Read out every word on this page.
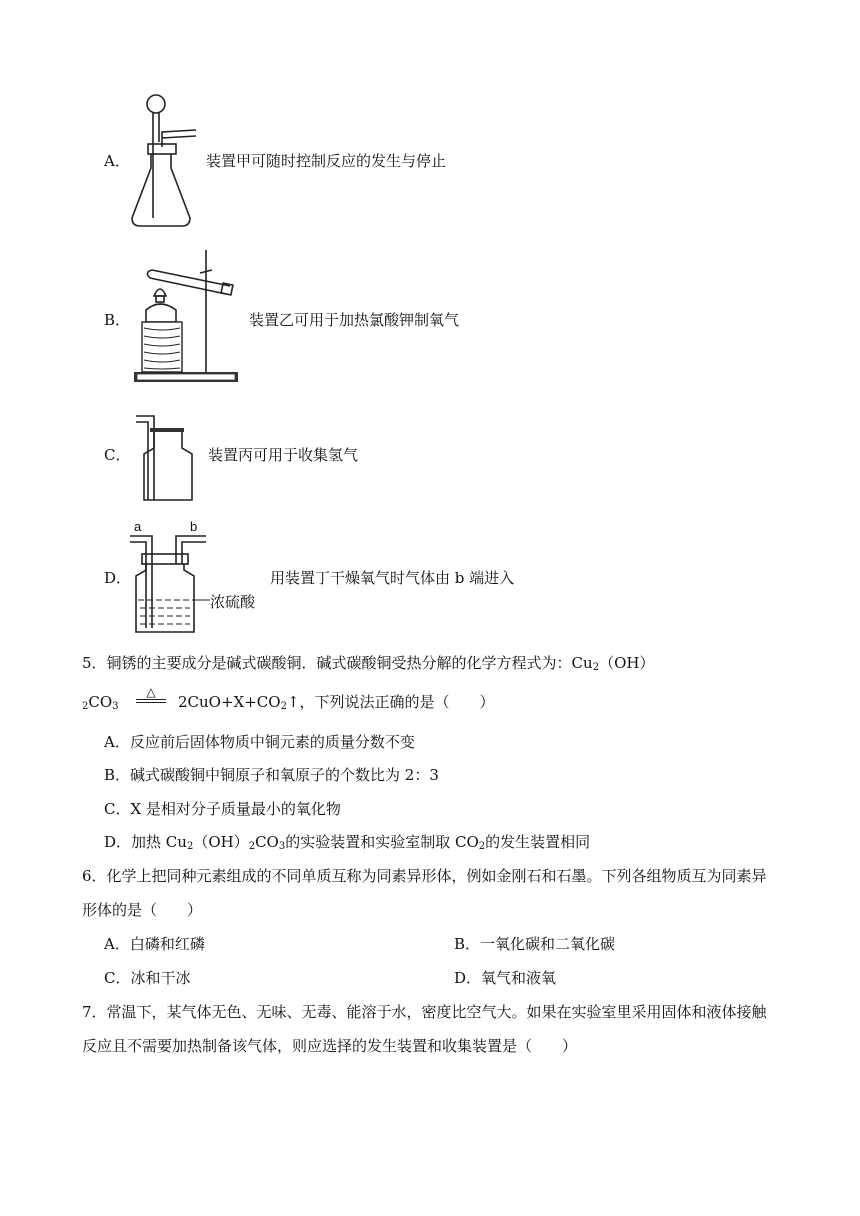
A．	装置甲可随时控制反应的发生与停止
B．	装置乙可用于加热氯酸钾制氧气
C．	装置丙可用于收集氢气
D．
a	b
浓硫酸
用装置丁干燥氧气时气体由 b 端进入
5．铜锈的主要成分是碱式碳酸铜．碱式碳酸铜受热分解的化学方程式为：$Cu_2(OH)$
$_2CO_3$
△
$2CuO+X+CO_2↑$，下列说法正确的是（　　）
A．反应前后固体物质中铜元素的质量分数不变
B．碱式碳酸铜中铜原子和氧原子的个数比为 2：3
C．X 是相对分子质量最小的氧化物
D．加热 $Cu_2(OH)_2CO_3$的实验装置和实验室制取 $CO_2$的发生装置相同
6．化学上把同种元素组成的不同单质互称为同素异形体，例如金刚石和石墨。下列各组物质互为同素异
形体的是（　　）
A．白磷和红磷	B．一氧化碳和二氧化碳
C．冰和干冰	D．氧气和液氧
7．常温下，某气体无色、无味、无毒、能溶于水，密度比空气大。如果在实验室里采用固体和液体接触
反应且不需要加热制备该气体，则应选择的发生装置和收集装置是（　　）
